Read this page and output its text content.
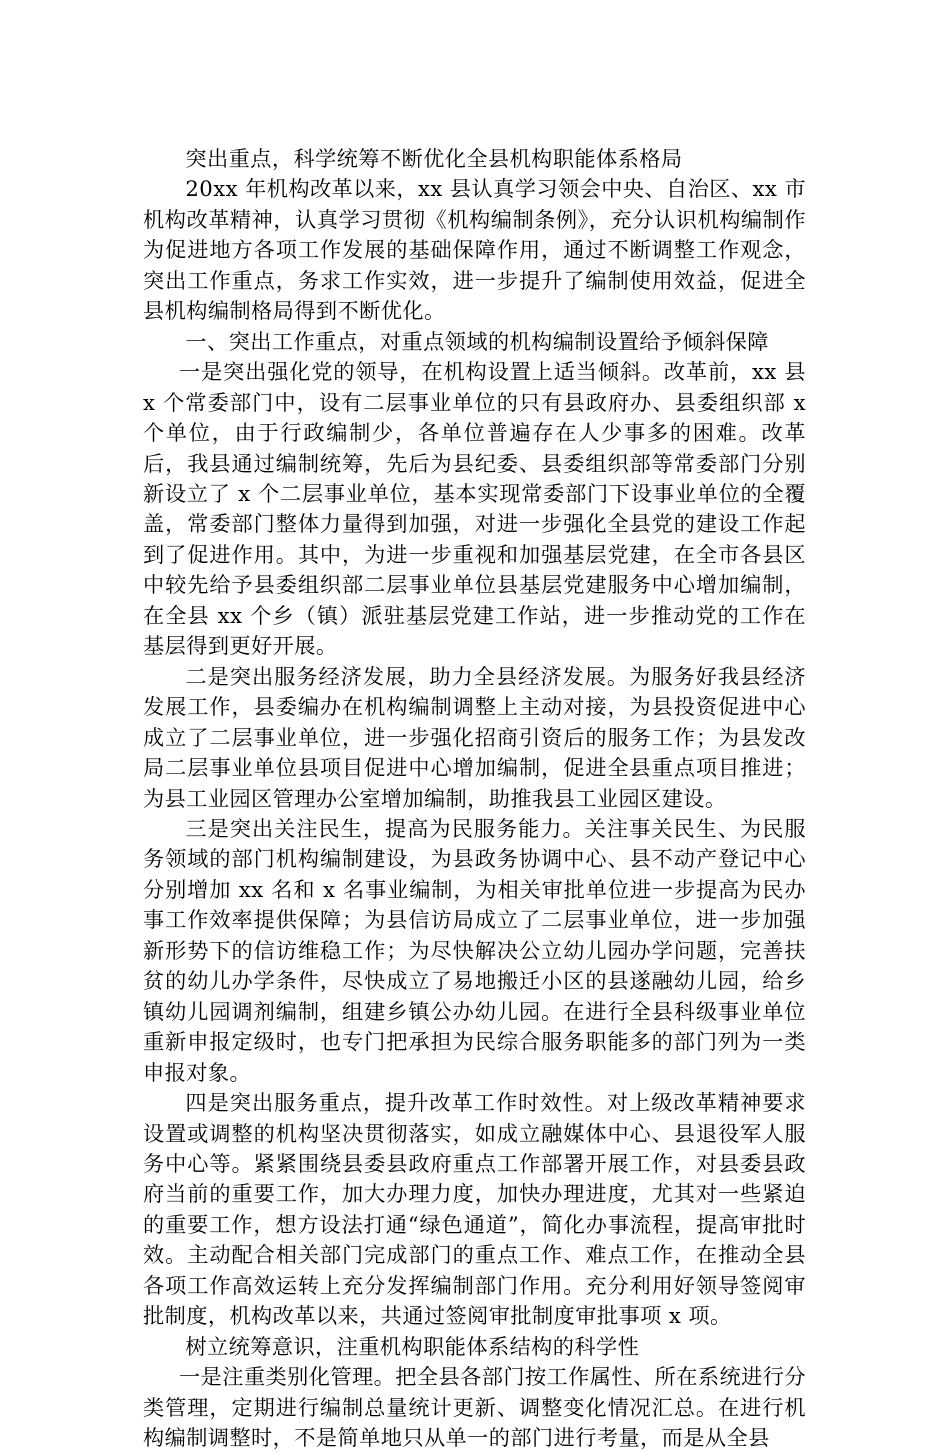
突出重点，科学统筹不断优化全县机构职能体系格局

20xx 年机构改革以来，xx 县认真学习领会中央、自治区、xx 市机构改革精神，认真学习贯彻《机构编制条例》，充分认识机构编制作为促进地方各项工作发展的基础保障作用，通过不断调整工作观念，突出工作重点，务求工作实效，进一步提升了编制使用效益，促进全县机构编制格局得到不断优化。

一、突出工作重点，对重点领域的机构编制设置给予倾斜保障

一是突出强化党的领导，在机构设置上适当倾斜。改革前，xx 县 x 个常委部门中，设有二层事业单位的只有县政府办、县委组织部 x 个单位，由于行政编制少，各单位普遍存在人少事多的困难。改革后，我县通过编制统筹，先后为县纪委、县委组织部等常委部门分别新设立了 x 个二层事业单位，基本实现常委部门下设事业单位的全覆盖，常委部门整体力量得到加强，对进一步强化全县党的建设工作起到了促进作用。其中，为进一步重视和加强基层党建，在全市各县区中较先给予县委组织部二层事业单位县基层党建服务中心增加编制，在全县 xx 个乡（镇）派驻基层党建工作站，进一步推动党的工作在基层得到更好开展。

二是突出服务经济发展，助力全县经济发展。为服务好我县经济发展工作，县委编办在机构编制调整上主动对接，为县投资促进中心成立了二层事业单位，进一步强化招商引资后的服务工作；为县发改局二层事业单位县项目促进中心增加编制，促进全县重点项目推进；为县工业园区管理办公室增加编制，助推我县工业园区建设。

三是突出关注民生，提高为民服务能力。关注事关民生、为民服务领域的部门机构编制建设，为县政务协调中心、县不动产登记中心分别增加 xx 名和 x 名事业编制，为相关审批单位进一步提高为民办事工作效率提供保障；为县信访局成立了二层事业单位，进一步加强新形势下的信访维稳工作；为尽快解决公立幼儿园办学问题，完善扶贫的幼儿办学条件，尽快成立了易地搬迁小区的县遂融幼儿园，给乡镇幼儿园调剂编制，组建乡镇公办幼儿园。在进行全县科级事业单位重新申报定级时，也专门把承担为民综合服务职能多的部门列为一类申报对象。

四是突出服务重点，提升改革工作时效性。对上级改革精神要求设置或调整的机构坚决贯彻落实，如成立融媒体中心、县退役军人服务中心等。紧紧围绕县委县政府重点工作部署开展工作，对县委县政府当前的重要工作，加大办理力度，加快办理进度，尤其对一些紧迫的重要工作，想方设法打通“绿色通道”，简化办事流程，提高审批时效。主动配合相关部门完成部门的重点工作、难点工作，在推动全县各项工作高效运转上充分发挥编制部门作用。充分利用好领导签阅审批制度，机构改革以来，共通过签阅审批制度审批事项 x 项。

树立统筹意识，注重机构职能体系结构的科学性

一是注重类别化管理。把全县各部门按工作属性、所在系统进行分类管理，定期进行编制总量统计更新、调整变化情况汇总。在进行机构编制调整时，不是简单地只从单一的部门进行考量，而是从全县
